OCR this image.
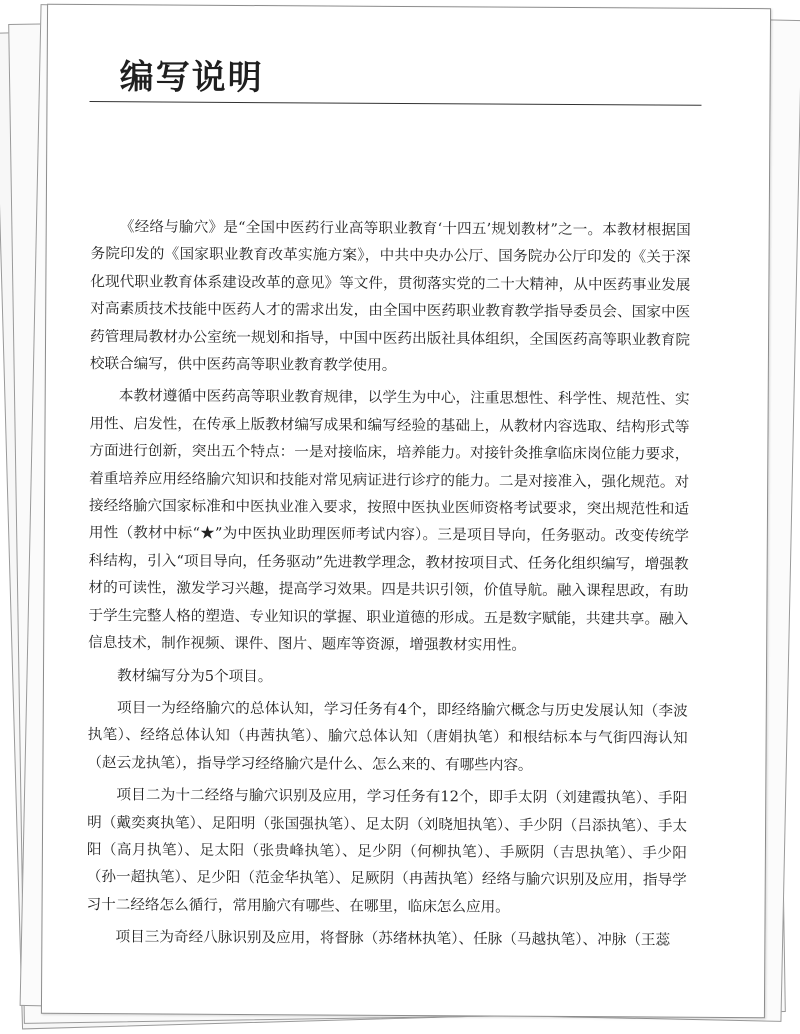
编写说明

《经络与腧穴》是“全国中医药行业高等职业教育‘十四五’规划教材”之一。本教材根据国务院印发的《国家职业教育改革实施方案》，中共中央办公厅、国务院办公厅印发的《关于深化现代职业教育体系建设改革的意见》等文件，贯彻落实党的二十大精神，从中医药事业发展对高素质技术技能中医药人才的需求出发，由全国中医药职业教育教学指导委员会、国家中医药管理局教材办公室统一规划和指导，中国中医药出版社具体组织，全国医药高等职业教育院校联合编写，供中医药高等职业教育教学使用。

本教材遵循中医药高等职业教育规律，以学生为中心，注重思想性、科学性、规范性、实用性、启发性，在传承上版教材编写成果和编写经验的基础上，从教材内容选取、结构形式等方面进行创新，突出五个特点：一是对接临床，培养能力。对接针灸推拿临床岗位能力要求，着重培养应用经络腧穴知识和技能对常见病证进行诊疗的能力。二是对接准入，强化规范。对接经络腧穴国家标准和中医执业准入要求，按照中医执业医师资格考试要求，突出规范性和适用性（教材中标“★”为中医执业助理医师考试内容）。三是项目导向，任务驱动。改变传统学科结构，引入“项目导向，任务驱动”先进教学理念，教材按项目式、任务化组织编写，增强教材的可读性，激发学习兴趣，提高学习效果。四是共识引领，价值导航。融入课程思政，有助于学生完整人格的塑造、专业知识的掌握、职业道德的形成。五是数字赋能，共建共享。融入信息技术，制作视频、课件、图片、题库等资源，增强教材实用性。

教材编写分为5个项目。

项目一为经络腧穴的总体认知，学习任务有4个，即经络腧穴概念与历史发展认知（李波执笔）、经络总体认知（冉茜执笔）、腧穴总体认知（唐娟执笔）和根结标本与气街四海认知（赵云龙执笔），指导学习经络腧穴是什么、怎么来的、有哪些内容。

项目二为十二经络与腧穴识别及应用，学习任务有12个，即手太阴（刘建霞执笔）、手阳明（戴奕爽执笔）、足阳明（张国强执笔）、足太阴（刘晓旭执笔）、手少阴（吕添执笔）、手太阳（高月执笔）、足太阳（张贵峰执笔）、足少阴（何柳执笔）、手厥阴（吉思执笔）、手少阳（孙一超执笔）、足少阳（范金华执笔）、足厥阴（冉茜执笔）经络与腧穴识别及应用，指导学习十二经络怎么循行，常用腧穴有哪些、在哪里，临床怎么应用。

项目三为奇经八脉识别及应用，将督脉（苏绪林执笔）、任脉（马越执笔）、冲脉（王蕊
